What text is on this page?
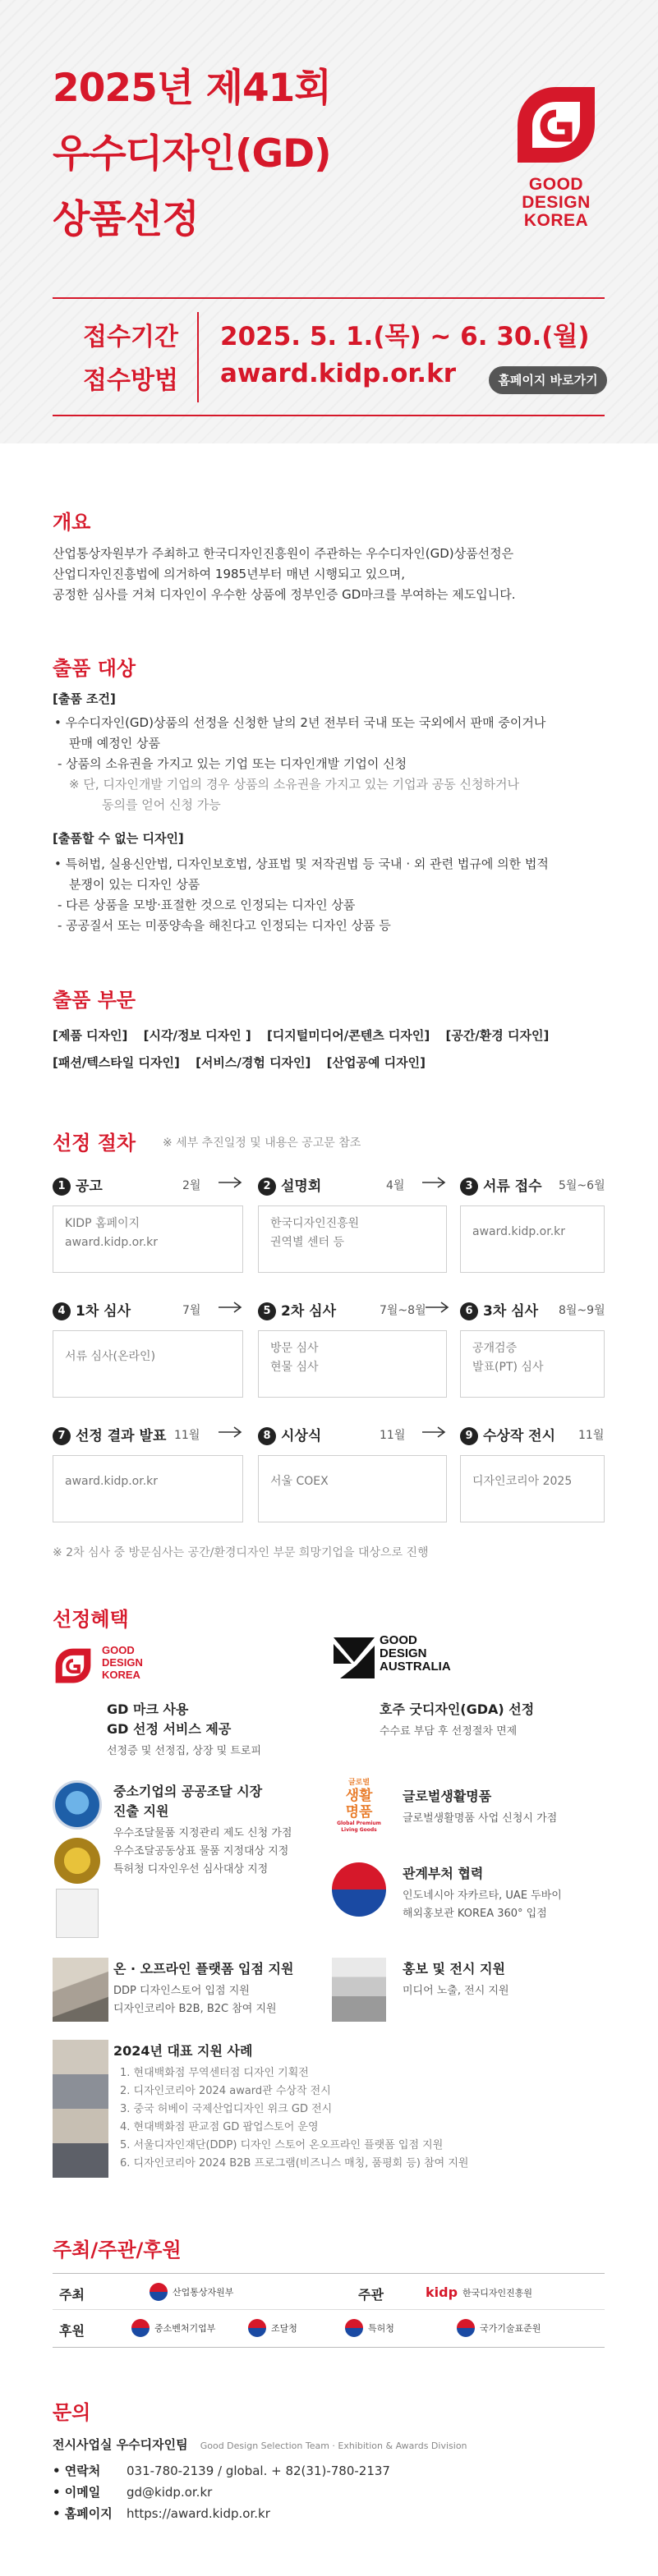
2025년 제41회
우수디자인(GD)
상품선정
GOOD
DESIGN
KOREA
접수기간
접수방법
2025. 5. 1.(목) ~ 6. 30.(월)
award.kidp.or.kr	홈페이지 바로가기
개요
산업통상자원부가 주최하고 한국디자인진흥원이 주관하는 우수디자인(GD)상품선정은
산업디자인진흥법에 의거하여 1985년부터 매년 시행되고 있으며,
공정한 심사를 거쳐 디자인이 우수한 상품에 정부인증 GD마크를 부여하는 제도입니다.
출품 대상
[출품 조건]
• 우수디자인(GD)상품의 선정을 신청한 날의 2년 전부터 국내 또는 국외에서 판매 중이거나
판매 예정인 상품
- 상품의 소유권을 가지고 있는 기업 또는 디자인개발 기업이 신청
※ 단, 디자인개발 기업의 경우 상품의 소유권을 가지고 있는 기업과 공동 신청하거나
동의를 얻어 신청 가능
[출품할 수 없는 디자인]
• 특허법, 실용신안법, 디자인보호법, 상표법 및 저작권법 등 국내 · 외 관련 법규에 의한 법적
분쟁이 있는 디자인 상품
- 다른 상품을 모방·표절한 것으로 인정되는 디자인 상품
- 공공질서 또는 미풍양속을 해친다고 인정되는 디자인 상품 등
출품 부문
[제품 디자인] [시각/정보 디자인 ] [디지털미디어/콘텐츠 디자인] [공간/환경 디자인]
[패션/텍스타일 디자인] [서비스/경험 디자인] [산업공예 디자인]
선정 절차 ※ 세부 추진일정 및 내용은 공고문 참조
1 공고	2월
KIDP 홈페이지
award.kidp.or.kr
2 설명회	4월
한국디자인진흥원
권역별 센터 등
3 서류 접수 5월~6월
award.kidp.or.kr
4 1차 심사	7월
서류 심사(온라인)
5 2차 심사	7월~8월
방문 심사
현물 심사
6 3차 심사 8월~9월
공개검증
발표(PT) 심사
7 선정 결과 발표 11월
award.kidp.or.kr
8 시상식	11월
서울 COEX
9 수상작 전시 11월
디자인코리아 2025
※ 2차 심사 중 방문심사는 공간/환경디자인 부문 희망기업을 대상으로 진행
선정혜택
GOOD
DESIGN
KOREA
GD 마크 사용
GD 선정 서비스 제공
선정증 및 선정집, 상장 및 트로피
GOOD
DESIGN
AUSTRALIA
호주 굿디자인(GDA) 선정
수수료 부담 후 선정절차 면제
중소기업의 공공조달 시장
진출 지원
우수조달물품 지정관리 제도 신청 가점
우수조달공동상표 물품 지정대상 지정
특허청 디자인우선 심사대상 지정
글로벌
생활
명품
Global Premium Living Goods
글로벌생활명품
글로벌생활명품 사업 신청시 가점
관계부처 협력
인도네시아 자카르타, UAE 두바이
해외홍보관 KOREA 360° 입점
온 · 오프라인 플랫폼 입점 지원
DDP 디자인스토어 입점 지원
디자인코리아 B2B, B2C 참여 지원
홍보 및 전시 지원
미디어 노출, 전시 지원
2024년 대표 지원 사례
1. 현대백화점 무역센터점 디자인 기획전
2. 디자인코리아 2024 award관 수상작 전시
3. 중국 허베이 국제산업디자인 위크 GD 전시
4. 현대백화점 판교점 GD 팝업스토어 운영
5. 서울디자인재단(DDP) 디자인 스토어 온오프라인 플랫폼 입점 지원
6. 디자인코리아 2024 B2B 프로그램(비즈니스 매칭, 품평회 등) 참여 지원
주최/주관/후원
주최	산업통상자원부	주관	kidp 한국디자인진흥원
후원	중소벤처기업부	조달청	특허청	국가기술표준원
문의
전시사업실 우수디자인팀 Good Design Selection Team · Exhibition & Awards Division
• 연락처 031-780-2139 / global. + 82(31)-780-2137
• 이메일 gd@kidp.or.kr
• 홈페이지 https://award.kidp.or.kr
